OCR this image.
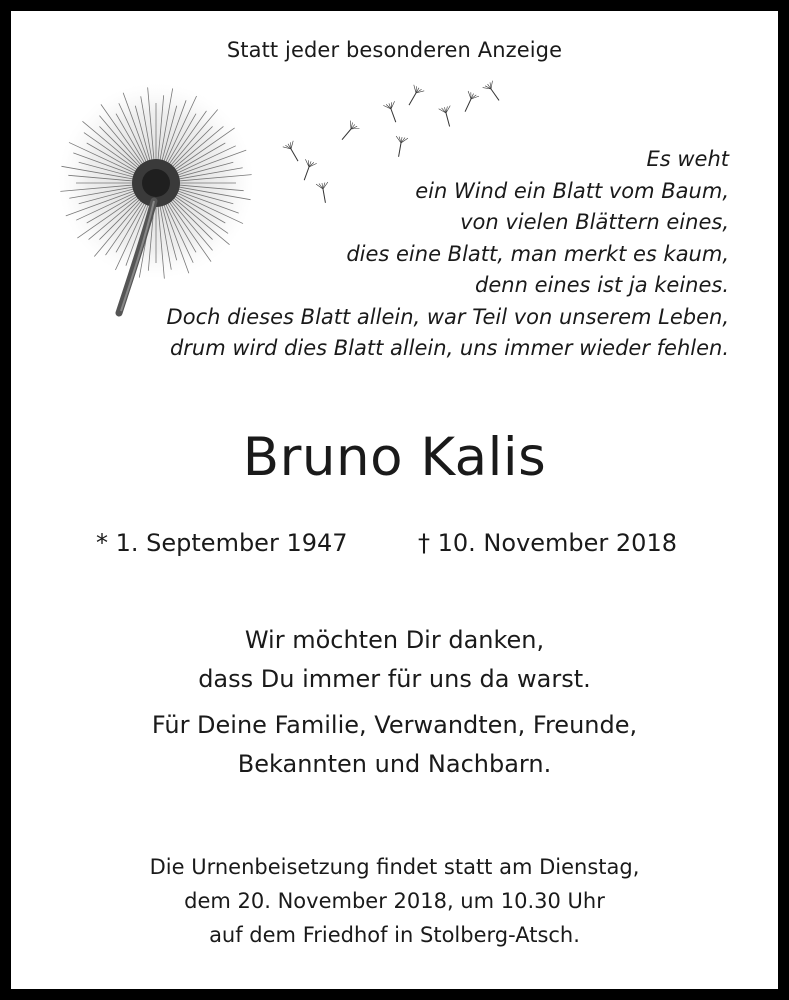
Statt jeder besonderen Anzeige
Es weht
ein Wind ein Blatt vom Baum,
von vielen Blättern eines,
dies eine Blatt, man merkt es kaum,
denn eines ist ja keines.
Doch dieses Blatt allein, war Teil von unserem Leben,
drum wird dies Blatt allein, uns immer wieder fehlen.
Bruno Kalis
* 1. September 1947	† 10. November 2018
Wir möchten Dir danken,
dass Du immer für uns da warst.
Für Deine Familie, Verwandten, Freunde,
Bekannten und Nachbarn.
Die Urnenbeisetzung findet statt am Dienstag,
dem 20. November 2018, um 10.30 Uhr
auf dem Friedhof in Stolberg-Atsch.
